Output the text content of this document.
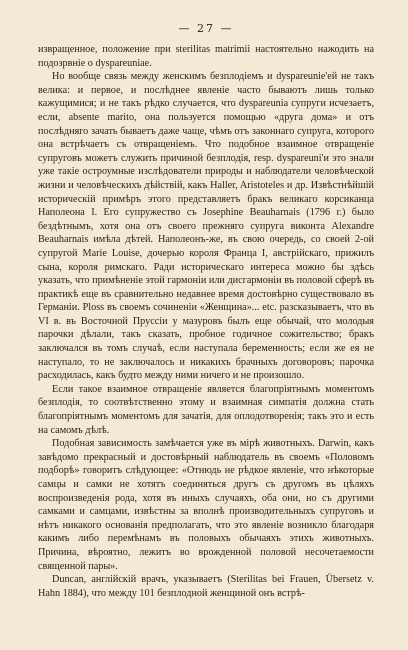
— 27 —

извращенное, положение при sterilitas matrimii настоятельно нажодить на подозрвніе о dyspareuniae.

Но вообще связь между женскимъ безплодіемъ и dyspareuniе'ей не такъ велика: и первое, и послѣднее явленіе часто бываютъ лишь только кажущимися; и не такъ рѣдко случается, что dyspareunia супруги исчезаетъ, если, absente marito, она пользуется помощью «друга дома» и отъ послѣдняго зачать бываетъ даже чаще, чѣмъ отъ законнаго супруга, которого она встрѣчаетъ съ отвращеніемъ. Что подобное взаимное отвращеніе супруговъ можетъ служить причиной безплодія, resp. dyspareuni'и это знали уже такіе остроумные изслѣдователи природы и наблюдатели человѣческой жизни и человѣческихъ дѣйствій, какъ Haller, Aristoteles и др. Извѣстнѣйшій историческій примѣръ этого представляетъ бракъ великаго корсиканца Наполеона I. Его супружество съ Josephine Beauharnais (1796 г.) было бездѣтнымъ, хотя она отъ своего прежняго супруга виконта Alexandre Beauharnais имѣла дѣтей. Наполеонъ-же, въ свою очередь, со своей 2-ой супругой Marie Louise, дочерью короля Франца I, австрійскаго, прижилъ сына, короля римскаго. Ради историческаго интереса можно бы здѣсь указать, что примѣненіе этой гармоніи или дисгармоніи въ половой сферѣ въ практикѣ еще въ сравнительно недавнее время достовѣрно существовало въ Германіи. Ploss въ своемъ сочиненіи «Женщина»... etc. разсказываетъ, что въ VI в. въ Восточной Пруссіи у мазуровъ былъ еще обычай, что молодыя парочки дѣлали, такъ сказать, пробное годичное сожительство; бракъ заключался въ томъ случаѣ, если наступала беременность; если же ея не наступало, то не заключалось и никакихъ брачныхъ договоровъ; парочка расходилась, какъ будто между ними ничего и не произошло.

Если такое взаимное отвращеніе является благопріятнымъ моментомъ безплодія, то соотвѣтственно этому и взаимная симпатія должна стать благопріятнымъ моментомъ для зачатія, для оплодотворенія; такъ это и есть на самомъ дѣлѣ.

Подобная зависимость замѣчается уже въ мірѣ животныхъ. Darwin, какъ завѣдомо прекрасный и достовѣрный наблюдатель въ своемъ «Половомъ подборѣ» говоритъ слѣдующее: «Отнюдь не рѣдкое явленіе, что нѣкоторые самцы и самки не хотятъ соединяться другъ съ другомъ въ цѣляхъ воспроизведенія рода, хотя въ иныхъ случаяхъ, оба они, но съ другими самками и самцами, извѣстны за вполнѣ производительныхъ супруговъ и нѣтъ никакого основанія предполагать, что это явленіе возникло благодаря какимъ либо перемѣнамъ въ половыхъ обычаяхъ этихъ животныхъ. Причина, вѣроятно, лежитъ во врожденной половой несочетаемости священной пары».

Duncan, англійскій врачъ, указываетъ (Sterilitas bei Frauen, Übersetz v. Hahn 1884), что между 101 безплодной женщиной онъ встрѣ-
